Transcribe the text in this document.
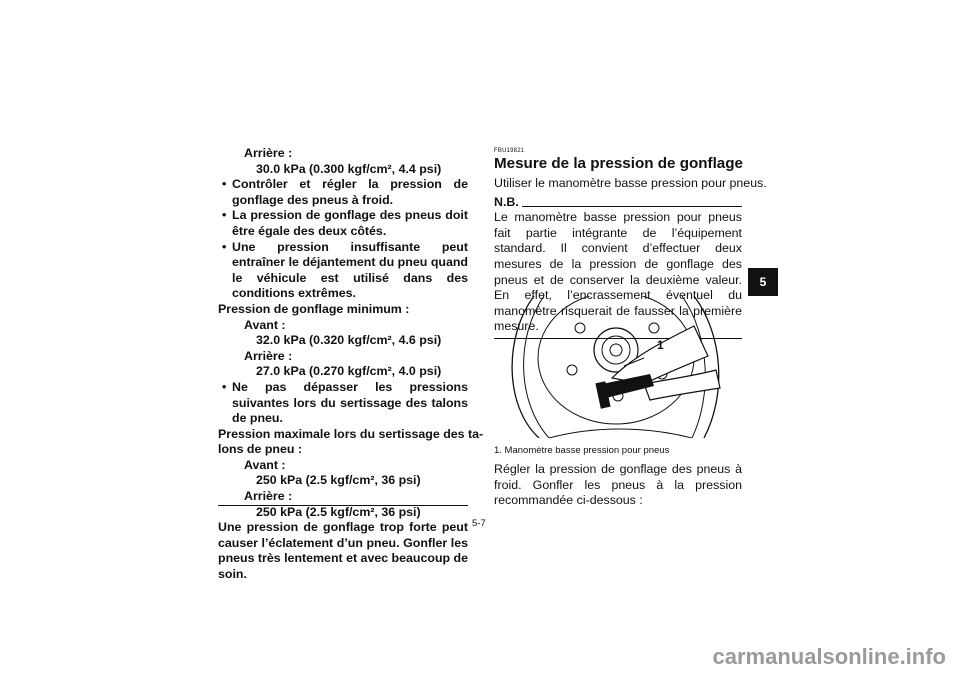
Arrière :
30.0 kPa (0.300 kgf/cm², 4.4 psi)
• Contrôler et régler la pression de gonflage des pneus à froid.
• La pression de gonflage des pneus doit être égale des deux côtés.
• Une pression insuffisante peut entraîner le déjantement du pneu quand le véhicule est utilisé dans des conditions extrêmes.
Pression de gonflage minimum :
Avant :
32.0 kPa (0.320 kgf/cm², 4.6 psi)
Arrière :
27.0 kPa (0.270 kgf/cm², 4.0 psi)
• Ne pas dépasser les pressions suivantes lors du sertissage des talons de pneu.
Pression maximale lors du sertissage des ta-
lons de pneu :
Avant :
250 kPa (2.5 kgf/cm², 36 psi)
Arrière :
250 kPa (2.5 kgf/cm², 36 psi)
Une pression de gonflage trop forte peut causer l’éclatement d’un pneu. Gonfler les pneus très lentement et avec beaucoup de soin.
FBU19821
Mesure de la pression de gonflage
Utiliser le manomètre basse pression pour pneus.
N.B.
Le manomètre basse pression pour pneus fait partie intégrante de l’équipement standard. Il convient d’effectuer deux mesures de la pression de gonflage des pneus et de conserver la deuxième valeur. En effet, l’encrassement éventuel du manomètre risquerait de fausser la première mesure.
1
1. Manomètre basse pression pour pneus
Régler la pression de gonflage des pneus à froid. Gonfler les pneus à la pression recommandée ci-dessous :
5-7
5
carmanualsonline.info
